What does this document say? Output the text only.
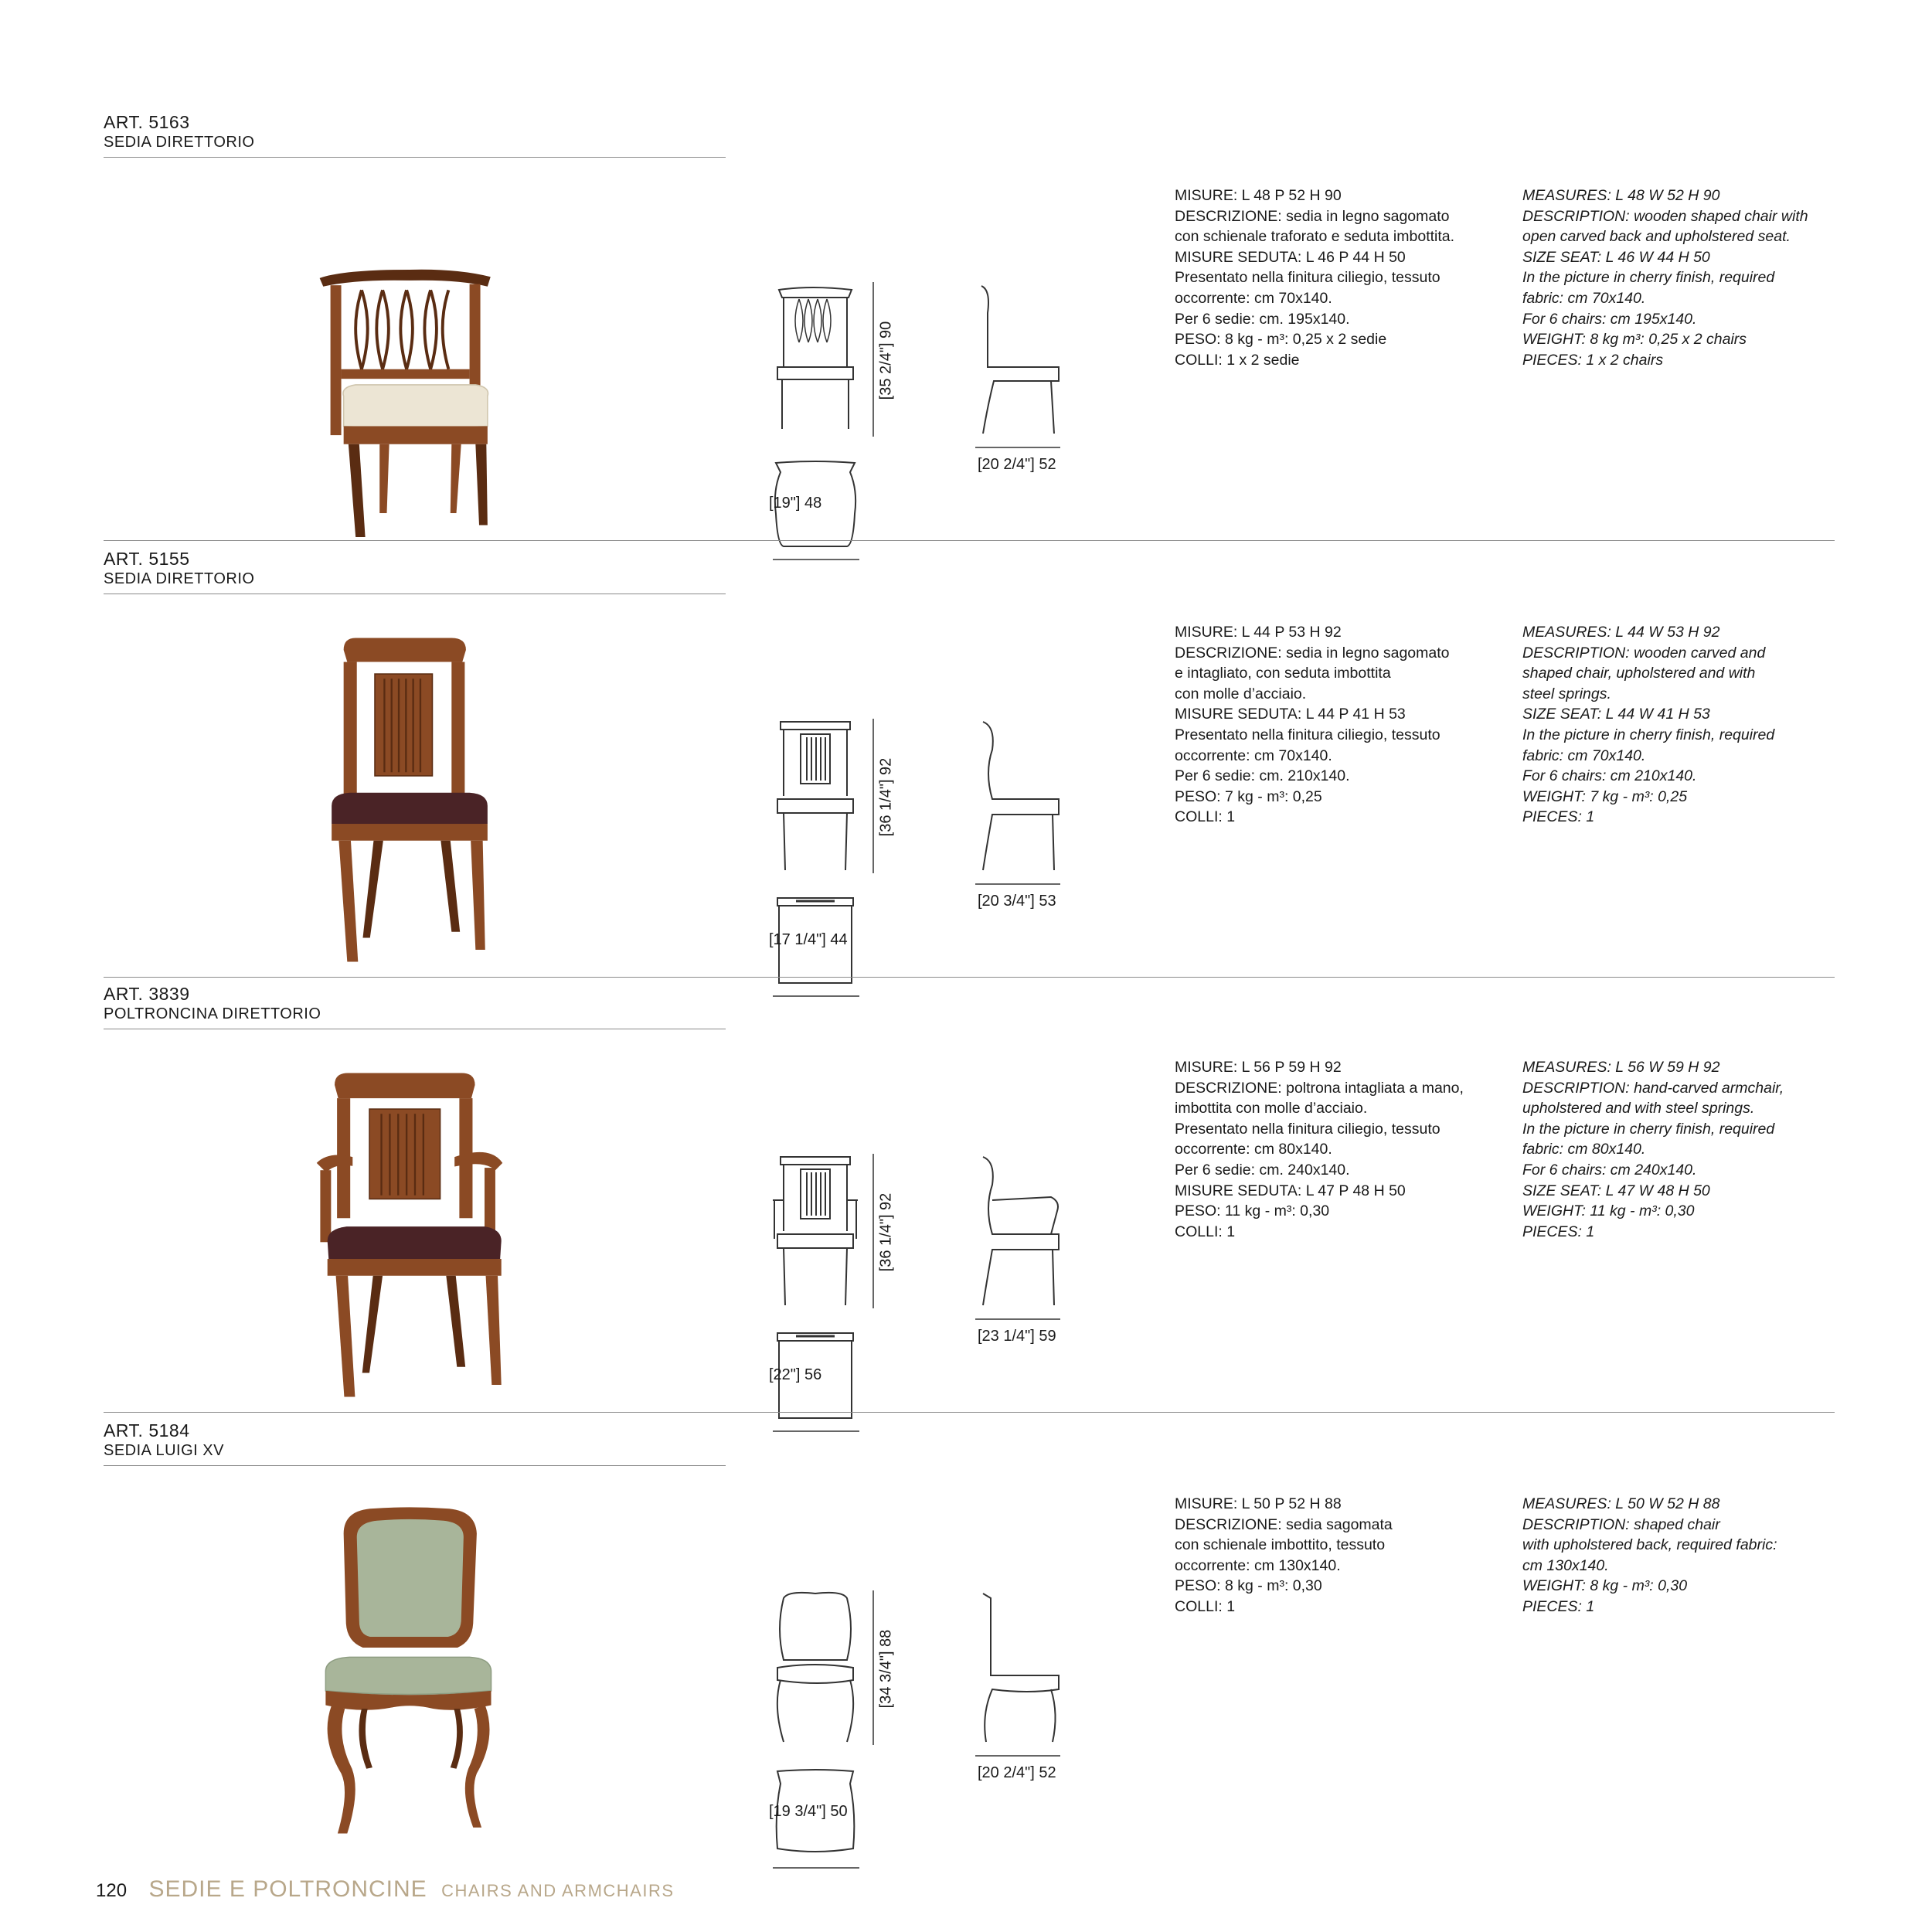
ART. 5163
SEDIA DIRETTORIO
[35 2/4"] 90
[20 2/4"] 52
MISURE: L 48 P 52 H 90
DESCRIZIONE: sedia in legno sagomato
con schienale traforato e seduta imbottita.
MISURE SEDUTA: L 46 P 44 H 50
Presentato nella finitura ciliegio, tessuto
occorrente: cm 70x140.
Per 6 sedie: cm. 195x140.
PESO: 8 kg - m³: 0,25 x 2 sedie
COLLI: 1 x 2 sedie
MEASURES: L 48 W 52 H 90
DESCRIPTION: wooden shaped chair with
open carved back and upholstered seat.
SIZE SEAT: L 46 W 44 H 50
In the picture in cherry finish, required
fabric: cm 70x140.
For 6 chairs: cm 195x140.
WEIGHT: 8 kg m³: 0,25 x 2 chairs
PIECES: 1 x 2 chairs
[19"] 48
ART. 5155
SEDIA DIRETTORIO
[36 1/4"] 92
[20 3/4"] 53
MISURE: L 44 P 53 H 92
DESCRIZIONE: sedia in legno sagomato
e intagliato, con seduta imbottita
con molle d’acciaio.
MISURE SEDUTA: L 44 P 41 H 53
Presentato nella finitura ciliegio, tessuto
occorrente: cm 70x140.
Per 6 sedie: cm. 210x140.
PESO: 7 kg - m³: 0,25
COLLI: 1
MEASURES: L 44 W 53 H 92
DESCRIPTION: wooden carved and
shaped chair, upholstered and with
steel springs.
SIZE SEAT: L 44 W 41 H 53
In the picture in cherry finish, required
fabric: cm 70x140.
For 6 chairs: cm 210x140.
WEIGHT: 7 kg - m³: 0,25
PIECES: 1
[17 1/4"] 44
ART. 3839
POLTRONCINA DIRETTORIO
[36 1/4"] 92
[23 1/4"] 59
MISURE: L 56 P 59 H 92
DESCRIZIONE: poltrona intagliata a mano,
imbottita con molle d’acciaio.
Presentato nella finitura ciliegio, tessuto
occorrente: cm 80x140.
Per 6 sedie: cm. 240x140.
MISURE SEDUTA: L 47 P 48 H 50
PESO: 11 kg - m³: 0,30
COLLI: 1
MEASURES: L 56 W 59 H 92
DESCRIPTION: hand-carved armchair,
upholstered and with steel springs.
In the picture in cherry finish, required
fabric: cm 80x140.
For 6 chairs: cm 240x140.
SIZE SEAT: L 47 W 48 H 50
WEIGHT: 11 kg - m³: 0,30
PIECES: 1
[22"] 56
ART. 5184
SEDIA LUIGI XV
[34 3/4"] 88
[20 2/4"] 52
MISURE: L 50 P 52 H 88
DESCRIZIONE: sedia sagomata
con schienale imbottito, tessuto
occorrente: cm 130x140.
PESO: 8 kg - m³: 0,30
COLLI: 1
MEASURES: L 50 W 52 H 88
DESCRIPTION: shaped chair
with upholstered back, required fabric:
cm 130x140.
WEIGHT: 8 kg - m³: 0,30
PIECES: 1
[19 3/4"] 50
120 SEDIE E POLTRONCINE CHAIRS AND ARMCHAIRS
